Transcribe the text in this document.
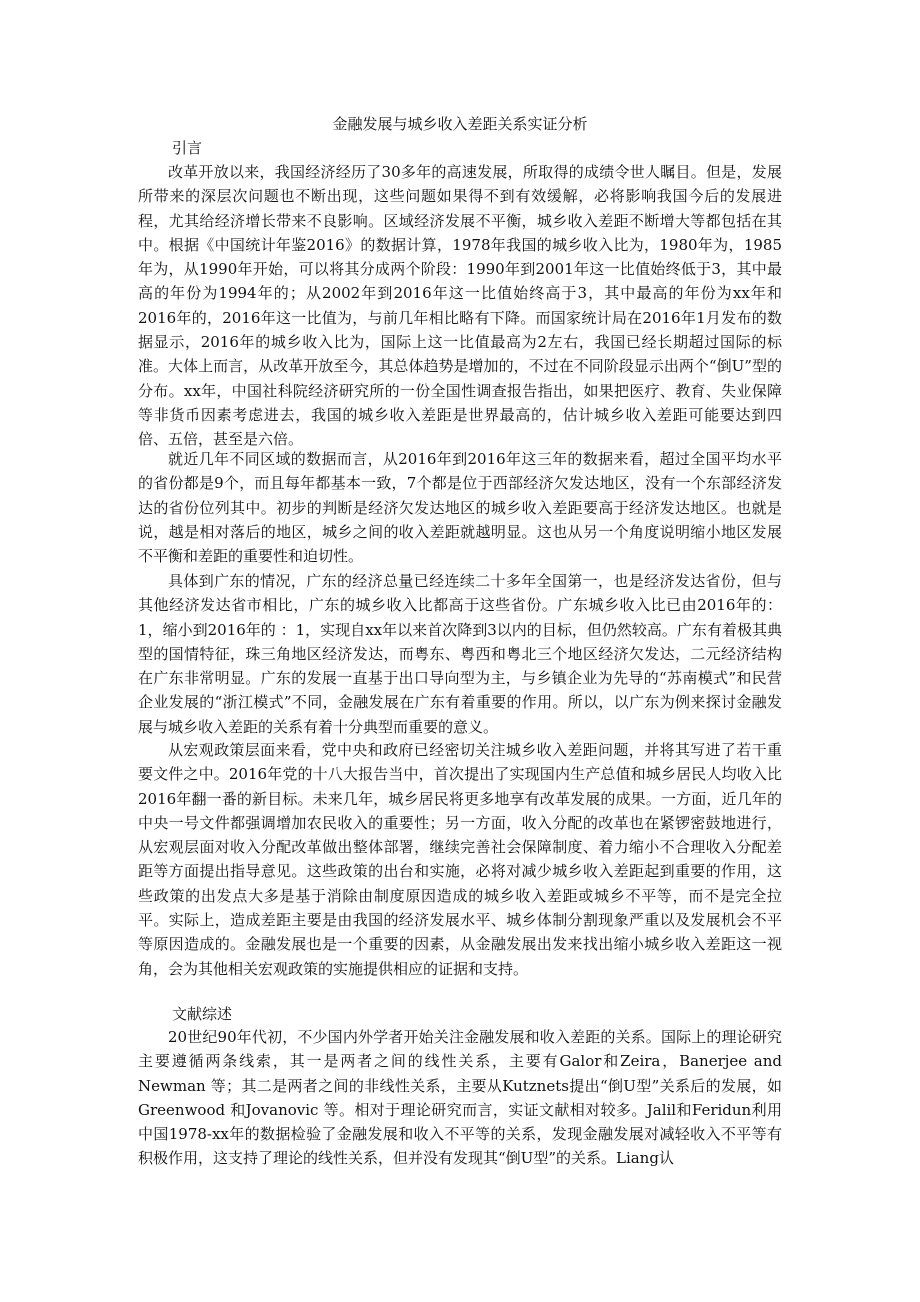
金融发展与城乡收入差距关系实证分析
引言

改革开放以来，我国经济经历了30多年的高速发展，所取得的成绩令世人瞩目。但是，发展所带来的深层次问题也不断出现，这些问题如果得不到有效缓解，必将影响我国今后的发展进程，尤其给经济增长带来不良影响。区域经济发展不平衡，城乡收入差距不断增大等都包括在其中。根据《中国统计年鉴2016》的数据计算，1978年我国的城乡收入比为，1980年为，1985年为，从1990年开始，可以将其分成两个阶段：1990年到2001年这一比值始终低于3，其中最高的年份为1994年的；从2002年到2016年这一比值始终高于3，其中最高的年份为xx年和2016年的，2016年这一比值为，与前几年相比略有下降。而国家统计局在2016年1月发布的数据显示，2016年的城乡收入比为，国际上这一比值最高为2左右，我国已经长期超过国际的标准。大体上而言，从改革开放至今，其总体趋势是增加的，不过在不同阶段显示出两个“倒U”型的分布。xx年，中国社科院经济研究所的一份全国性调查报告指出，如果把医疗、教育、失业保障等非货币因素考虑进去，我国的城乡收入差距是世界最高的，估计城乡收入差距可能要达到四倍、五倍，甚至是六倍。

就近几年不同区域的数据而言，从2016年到2016年这三年的数据来看，超过全国平均水平的省份都是9个，而且每年都基本一致，7个都是位于西部经济欠发达地区，没有一个东部经济发达的省份位列其中。初步的判断是经济欠发达地区的城乡收入差距要高于经济发达地区。也就是说，越是相对落后的地区，城乡之间的收入差距就越明显。这也从另一个角度说明缩小地区发展不平衡和差距的重要性和迫切性。

具体到广东的情况，广东的经济总量已经连续二十多年全国第一，也是经济发达省份，但与其他经济发达省市相比，广东的城乡收入比都高于这些省份。广东城乡收入比已由2016年的：1，缩小到2016年的 ：1，实现自xx年以来首次降到3以内的目标，但仍然较高。广东有着极其典型的国情特征，珠三角地区经济发达，而粤东、粤西和粤北三个地区经济欠发达，二元经济结构在广东非常明显。广东的发展一直基于出口导向型为主，与乡镇企业为先导的“苏南模式”和民营企业发展的“浙江模式”不同，金融发展在广东有着重要的作用。所以，以广东为例来探讨金融发展与城乡收入差距的关系有着十分典型而重要的意义。

从宏观政策层面来看，党中央和政府已经密切关注城乡收入差距问题，并将其写进了若干重要文件之中。2016年党的十八大报告当中，首次提出了实现国内生产总值和城乡居民人均收入比2016年翻一番的新目标。未来几年，城乡居民将更多地享有改革发展的成果。一方面，近几年的中央一号文件都强调增加农民收入的重要性；另一方面，收入分配的改革也在紧锣密鼓地进行，从宏观层面对收入分配改革做出整体部署，继续完善社会保障制度、着力缩小不合理收入分配差距等方面提出指导意见。这些政策的出台和实施，必将对减少城乡收入差距起到重要的作用，这些政策的出发点大多是基于消除由制度原因造成的城乡收入差距或城乡不平等，而不是完全拉平。实际上，造成差距主要是由我国的经济发展水平、城乡体制分割现象严重以及发展机会不平等原因造成的。金融发展也是一个重要的因素，从金融发展出发来找出缩小城乡收入差距这一视角，会为其他相关宏观政策的实施提供相应的证据和支持。

文献综述

20世纪90年代初，不少国内外学者开始关注金融发展和收入差距的关系。国际上的理论研究主要遵循两条线索，其一是两者之间的线性关系，主要有Galor和Zeira，Banerjee and Newman 等；其二是两者之间的非线性关系，主要从Kutznets提出“倒U型”关系后的发展，如Greenwood 和Jovanovic 等。相对于理论研究而言，实证文献相对较多。Jalil和Feridun利用中国1978-xx年的数据检验了金融发展和收入不平等的关系，发现金融发展对减轻收入不平等有积极作用，这支持了理论的线性关系，但并没有发现其“倒U型”的关系。Liang认
